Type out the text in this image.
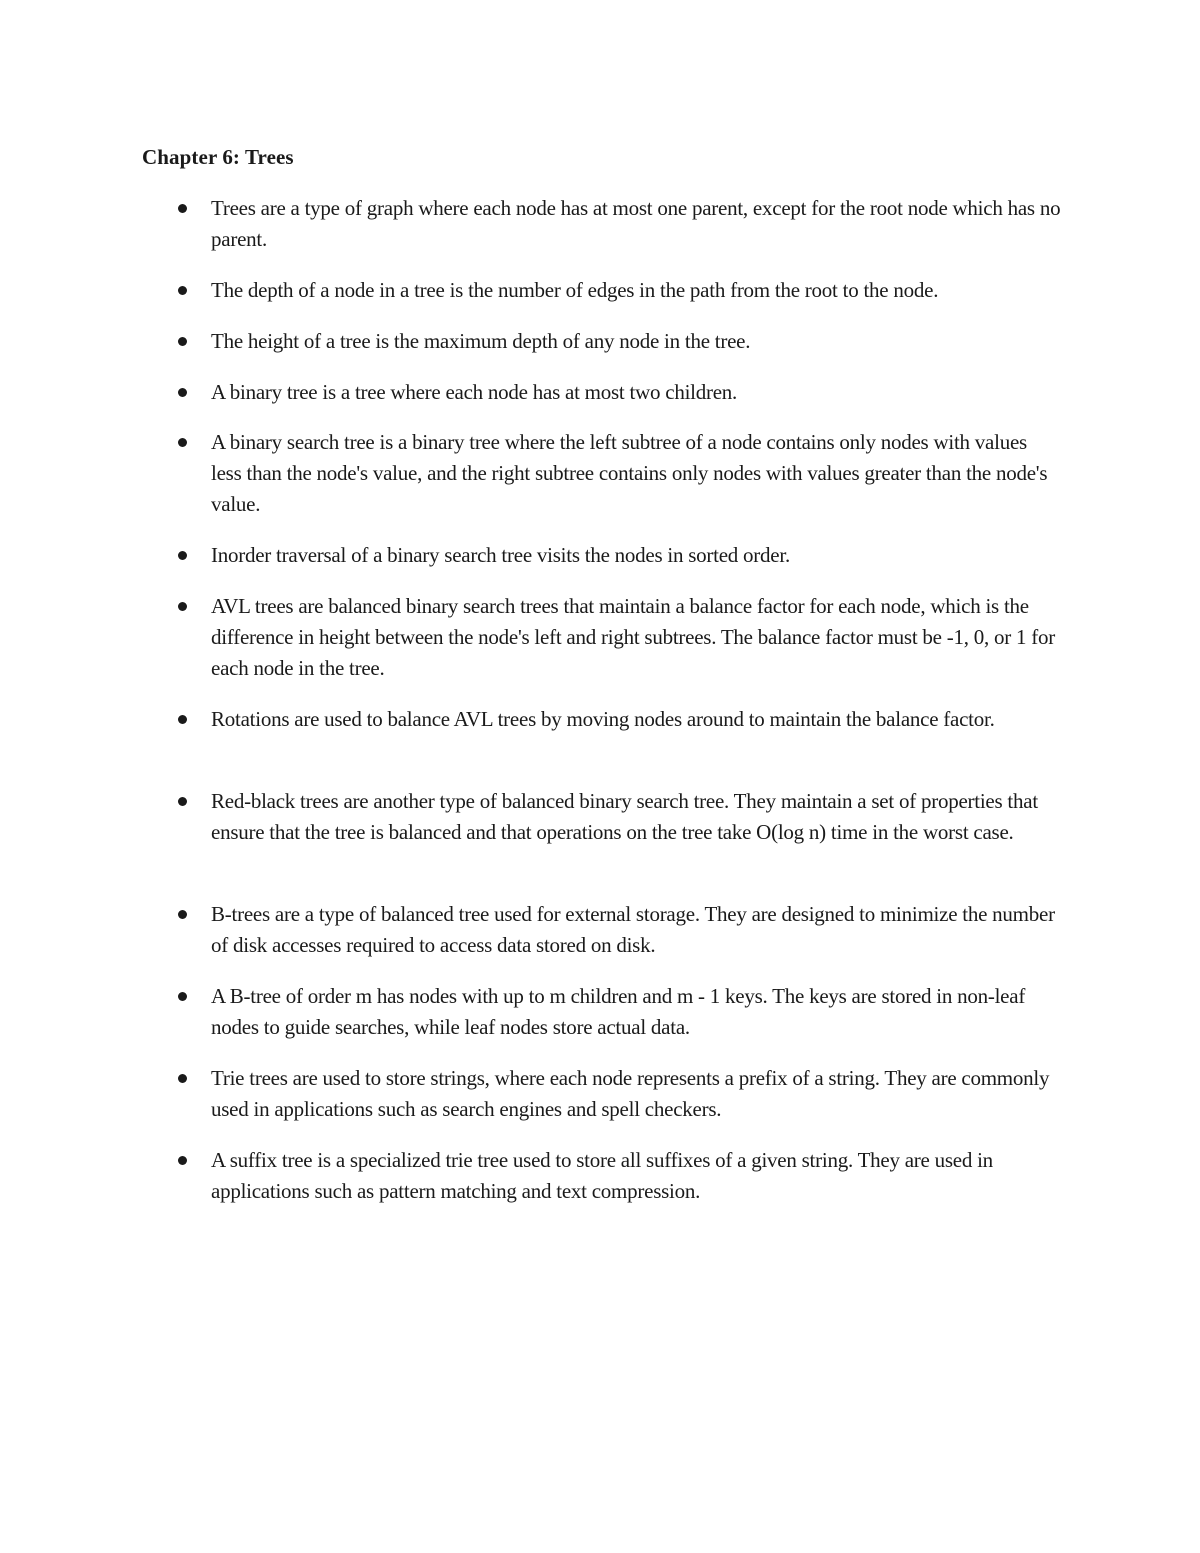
Chapter 6: Trees
Trees are a type of graph where each node has at most one parent, except for the root node which has no parent.
The depth of a node in a tree is the number of edges in the path from the root to the node.
The height of a tree is the maximum depth of any node in the tree.
A binary tree is a tree where each node has at most two children.
A binary search tree is a binary tree where the left subtree of a node contains only nodes with values less than the node's value, and the right subtree contains only nodes with values greater than the node's value.
Inorder traversal of a binary search tree visits the nodes in sorted order.
AVL trees are balanced binary search trees that maintain a balance factor for each node, which is the difference in height between the node's left and right subtrees. The balance factor must be -1, 0, or 1 for each node in the tree.
Rotations are used to balance AVL trees by moving nodes around to maintain the balance factor.
Red-black trees are another type of balanced binary search tree. They maintain a set of properties that ensure that the tree is balanced and that operations on the tree take O(log n) time in the worst case.
B-trees are a type of balanced tree used for external storage. They are designed to minimize the number of disk accesses required to access data stored on disk.
A B-tree of order m has nodes with up to m children and m - 1 keys. The keys are stored in non-leaf nodes to guide searches, while leaf nodes store actual data.
Trie trees are used to store strings, where each node represents a prefix of a string. They are commonly used in applications such as search engines and spell checkers.
A suffix tree is a specialized trie tree used to store all suffixes of a given string. They are used in applications such as pattern matching and text compression.
